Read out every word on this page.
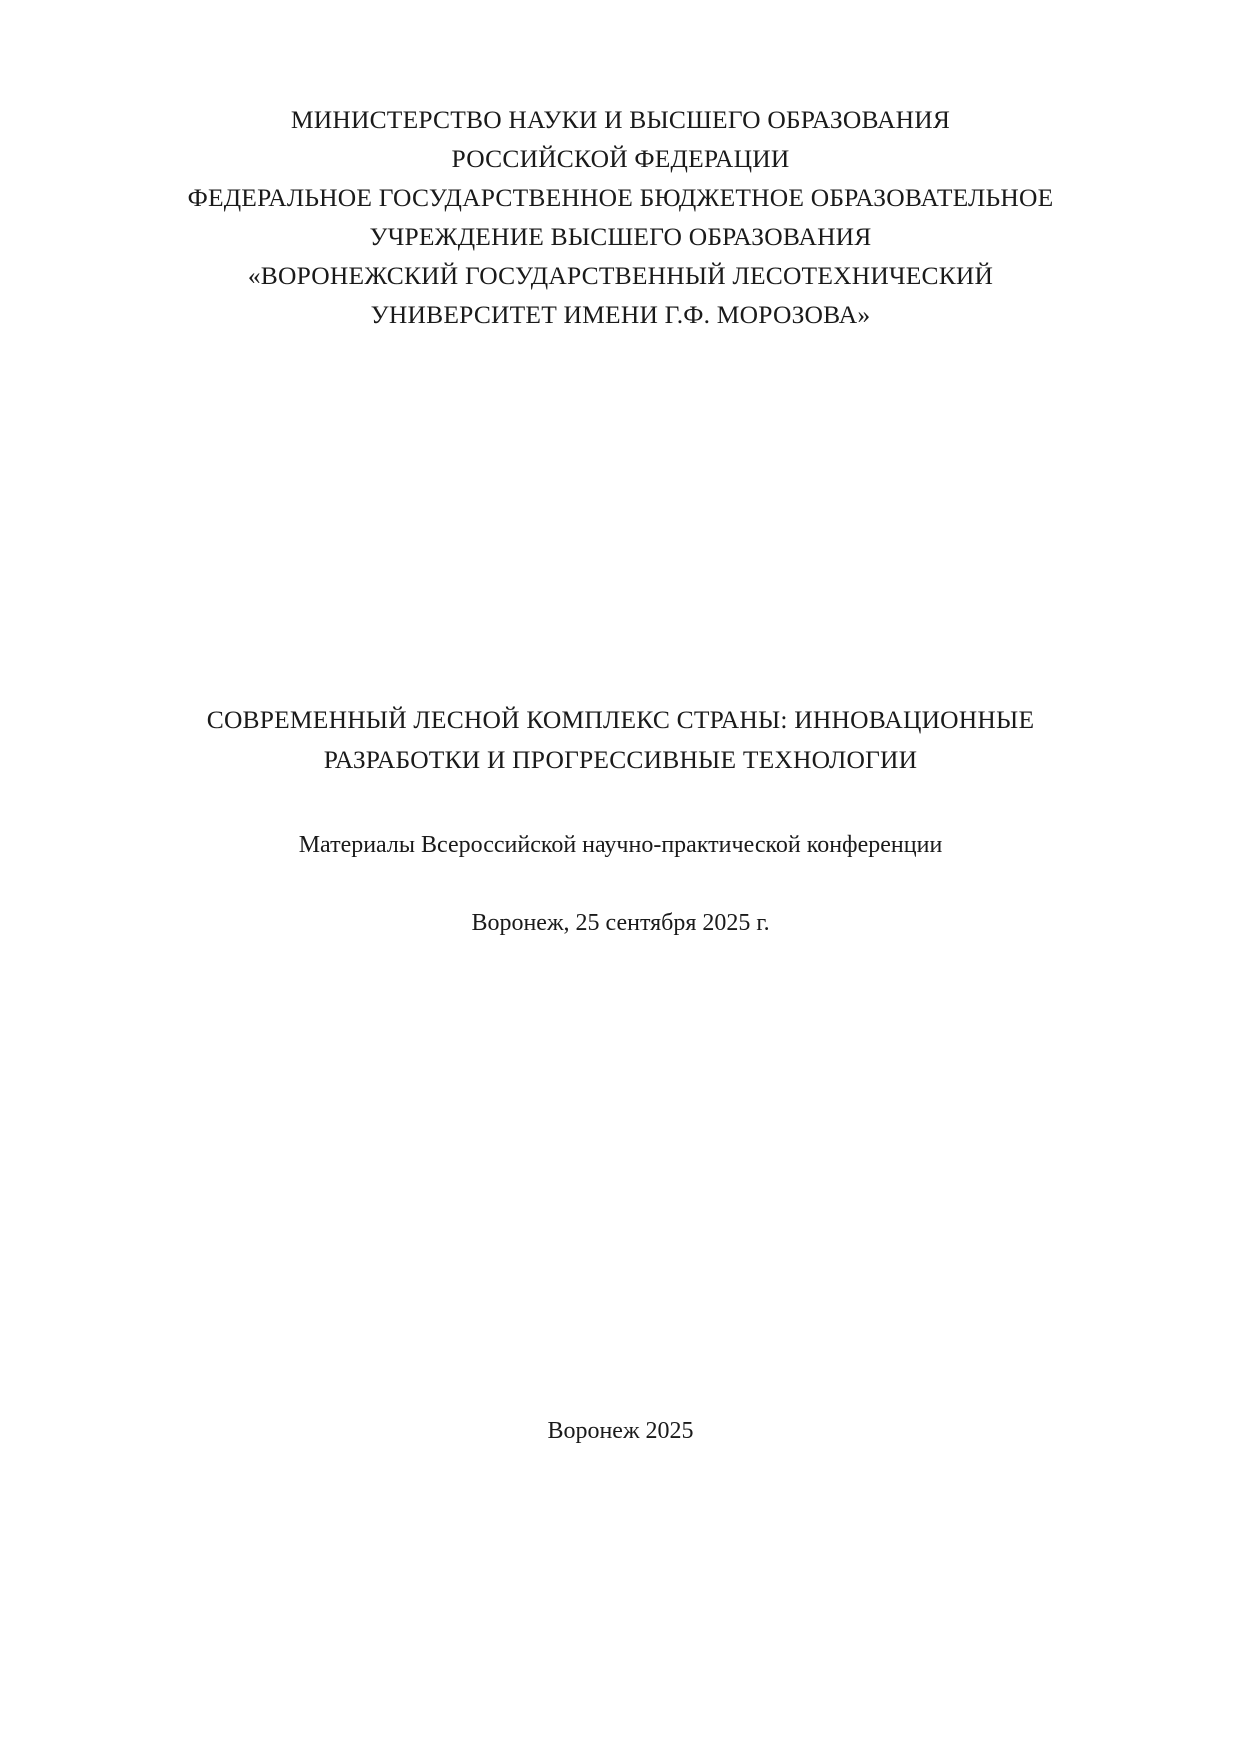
МИНИСТЕРСТВО НАУКИ И ВЫСШЕГО ОБРАЗОВАНИЯ
РОССИЙСКОЙ ФЕДЕРАЦИИ
ФЕДЕРАЛЬНОЕ ГОСУДАРСТВЕННОЕ БЮДЖЕТНОЕ ОБРАЗОВАТЕЛЬНОЕ
УЧРЕЖДЕНИЕ ВЫСШЕГО ОБРАЗОВАНИЯ
«ВОРОНЕЖСКИЙ ГОСУДАРСТВЕННЫЙ ЛЕСОТЕХНИЧЕСКИЙ
УНИВЕРСИТЕТ ИМЕНИ Г.Ф. МОРОЗОВА»
СОВРЕМЕННЫЙ ЛЕСНОЙ КОМПЛЕКС СТРАНЫ: ИННОВАЦИОННЫЕ
РАЗРАБОТКИ И ПРОГРЕССИВНЫЕ ТЕХНОЛОГИИ
Материалы Всероссийской научно-практической конференции
Воронеж, 25 сентября 2025 г.
Воронеж 2025
